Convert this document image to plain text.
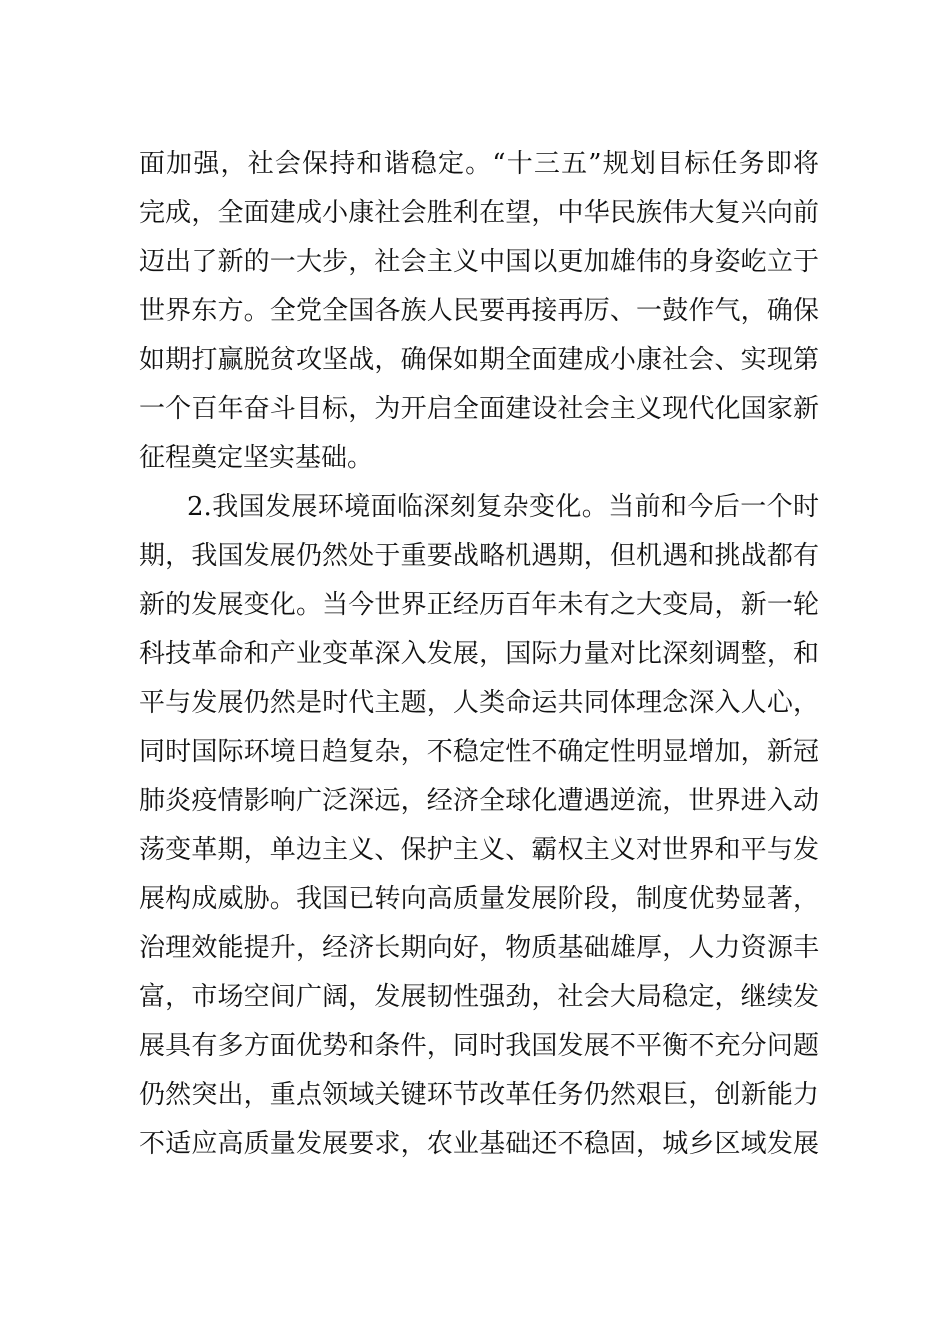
面加强，社会保持和谐稳定。“十三五”规划目标任务即将
完成，全面建成小康社会胜利在望，中华民族伟大复兴向前
迈出了新的一大步，社会主义中国以更加雄伟的身姿屹立于
世界东方。全党全国各族人民要再接再厉、一鼓作气，确保
如期打赢脱贫攻坚战，确保如期全面建成小康社会、实现第
一个百年奋斗目标，为开启全面建设社会主义现代化国家新
征程奠定坚实基础。
2.我国发展环境面临深刻复杂变化。当前和今后一个时
期，我国发展仍然处于重要战略机遇期，但机遇和挑战都有
新的发展变化。当今世界正经历百年未有之大变局，新一轮
科技革命和产业变革深入发展，国际力量对比深刻调整，和
平与发展仍然是时代主题，人类命运共同体理念深入人心，
同时国际环境日趋复杂，不稳定性不确定性明显增加，新冠
肺炎疫情影响广泛深远，经济全球化遭遇逆流，世界进入动
荡变革期，单边主义、保护主义、霸权主义对世界和平与发
展构成威胁。我国已转向高质量发展阶段，制度优势显著，
治理效能提升，经济长期向好，物质基础雄厚，人力资源丰
富，市场空间广阔，发展韧性强劲，社会大局稳定，继续发
展具有多方面优势和条件，同时我国发展不平衡不充分问题
仍然突出，重点领域关键环节改革任务仍然艰巨，创新能力
不适应高质量发展要求，农业基础还不稳固，城乡区域发展
